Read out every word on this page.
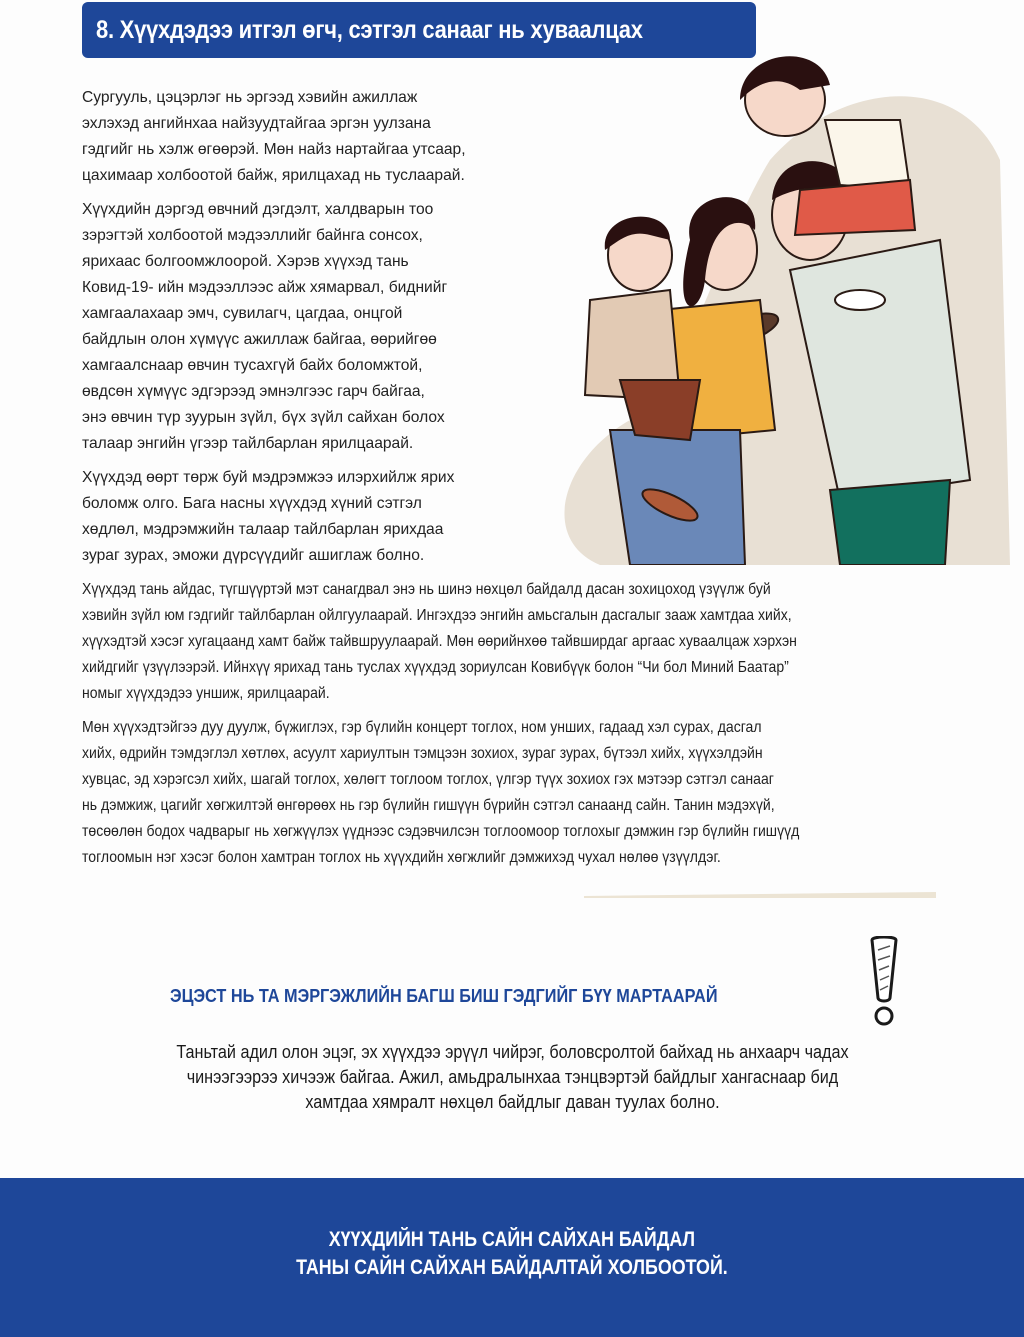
8. Хүүхдэдээ итгэл өгч, сэтгэл санааг нь хуваалцах

Сургууль, цэцэрлэг нь эргээд хэвийн ажиллаж
эхлэхэд ангийнхаа найзуудтайгаа эргэн уулзана
гэдгийг нь хэлж өгөөрэй. Мөн найз нартайгаа утсаар,
цахимаар холбоотой байж, ярилцахад нь туслаарай.

Хүүхдийн дэргэд өвчний дэгдэлт, халдварын тоо
зэрэгтэй холбоотой мэдээллийг байнга сонсох,
ярихаас болгоомжлоорой. Хэрэв хүүхэд тань
Ковид-19- ийн мэдээллээс айж хямарвал, биднийг
хамгаалахаар эмч, сувилагч, цагдаа, онцгой
байдлын олон хүмүүс ажиллаж байгаа, өөрийгөө
хамгаалснаар өвчин тусахгүй байх боломжтой,
өвдсөн хүмүүс эдгэрээд эмнэлгээс гарч байгаа,
энэ өвчин түр зуурын зүйл, бүх зүйл сайхан болох
талаар энгийн үгээр тайлбарлан ярилцаарай.

Хүүхдэд өөрт төрж буй мэдрэмжээ илэрхийлж ярих
боломж олго. Бага насны хүүхдэд хүний сэтгэл
хөдлөл, мэдрэмжийн талаар тайлбарлан ярихдаа
зураг зурах, эможи дүрсүүдийг ашиглаж болно.

Хүүхдэд тань айдас, түгшүүртэй мэт санагдвал энэ нь шинэ нөхцөл байдалд дасан зохицоход үзүүлж буй
хэвийн зүйл юм гэдгийг тайлбарлан ойлгуулаарай. Ингэхдээ энгийн амьсгалын дасгалыг зааж хамтдаа хийх,
хүүхэдтэй хэсэг хугацаанд хамт байж тайвшруулаарай. Мөн өөрийнхөө тайвширдаг аргаас хуваалцаж хэрхэн
хийдгийг үзүүлээрэй. Ийнхүү ярихад тань туслах хүүхдэд зориулсан Ковибүүк болон “Чи бол Миний Баатар”
номыг хүүхдэдээ уншиж, ярилцаарай.

Мөн хүүхэдтэйгээ дуу дуулж, бүжиглэх, гэр бүлийн концерт тоглох, ном унших, гадаад хэл сурах, дасгал
хийх, өдрийн тэмдэглэл хөтлөх, асуулт хариултын тэмцээн зохиох, зураг зурах, бүтээл хийх, хүүхэлдэйн
хувцас, эд хэрэгсэл хийх, шагай тоглох, хөлөгт тоглоом тоглох, үлгэр түүх зохиох гэх мэтээр сэтгэл санааг
нь дэмжиж, цагийг хөгжилтэй өнгөрөөх нь гэр бүлийн гишүүн бүрийн сэтгэл санаанд сайн. Танин мэдэхүй,
төсөөлөн бодох чадварыг нь хөгжүүлэх үүднээс сэдэвчилсэн тоглоомоор тоглохыг дэмжин гэр бүлийн гишүүд
тоглоомын нэг хэсэг болон хамтран тоглох нь хүүхдийн хөгжлийг дэмжихэд чухал нөлөө үзүүлдэг.

ЭЦЭСТ НЬ ТА МЭРГЭЖЛИЙН БАГШ БИШ ГЭДГИЙГ БҮҮ МАРТААРАЙ
Таньтай адил олон эцэг, эх хүүхдээ эрүүл чийрэг, боловсролтой байхад нь анхаарч чадах
чинээгээрээ хичээж байгаа. Ажил, амьдралынхаа тэнцвэртэй байдлыг хангаснаар бид
хамтдаа хямралт нөхцөл байдлыг даван туулах болно.
ХҮҮХДИЙН ТАНЬ САЙН САЙХАН БАЙДАЛ
ТАНЫ САЙН САЙХАН БАЙДАЛТАЙ ХОЛБООТОЙ.
